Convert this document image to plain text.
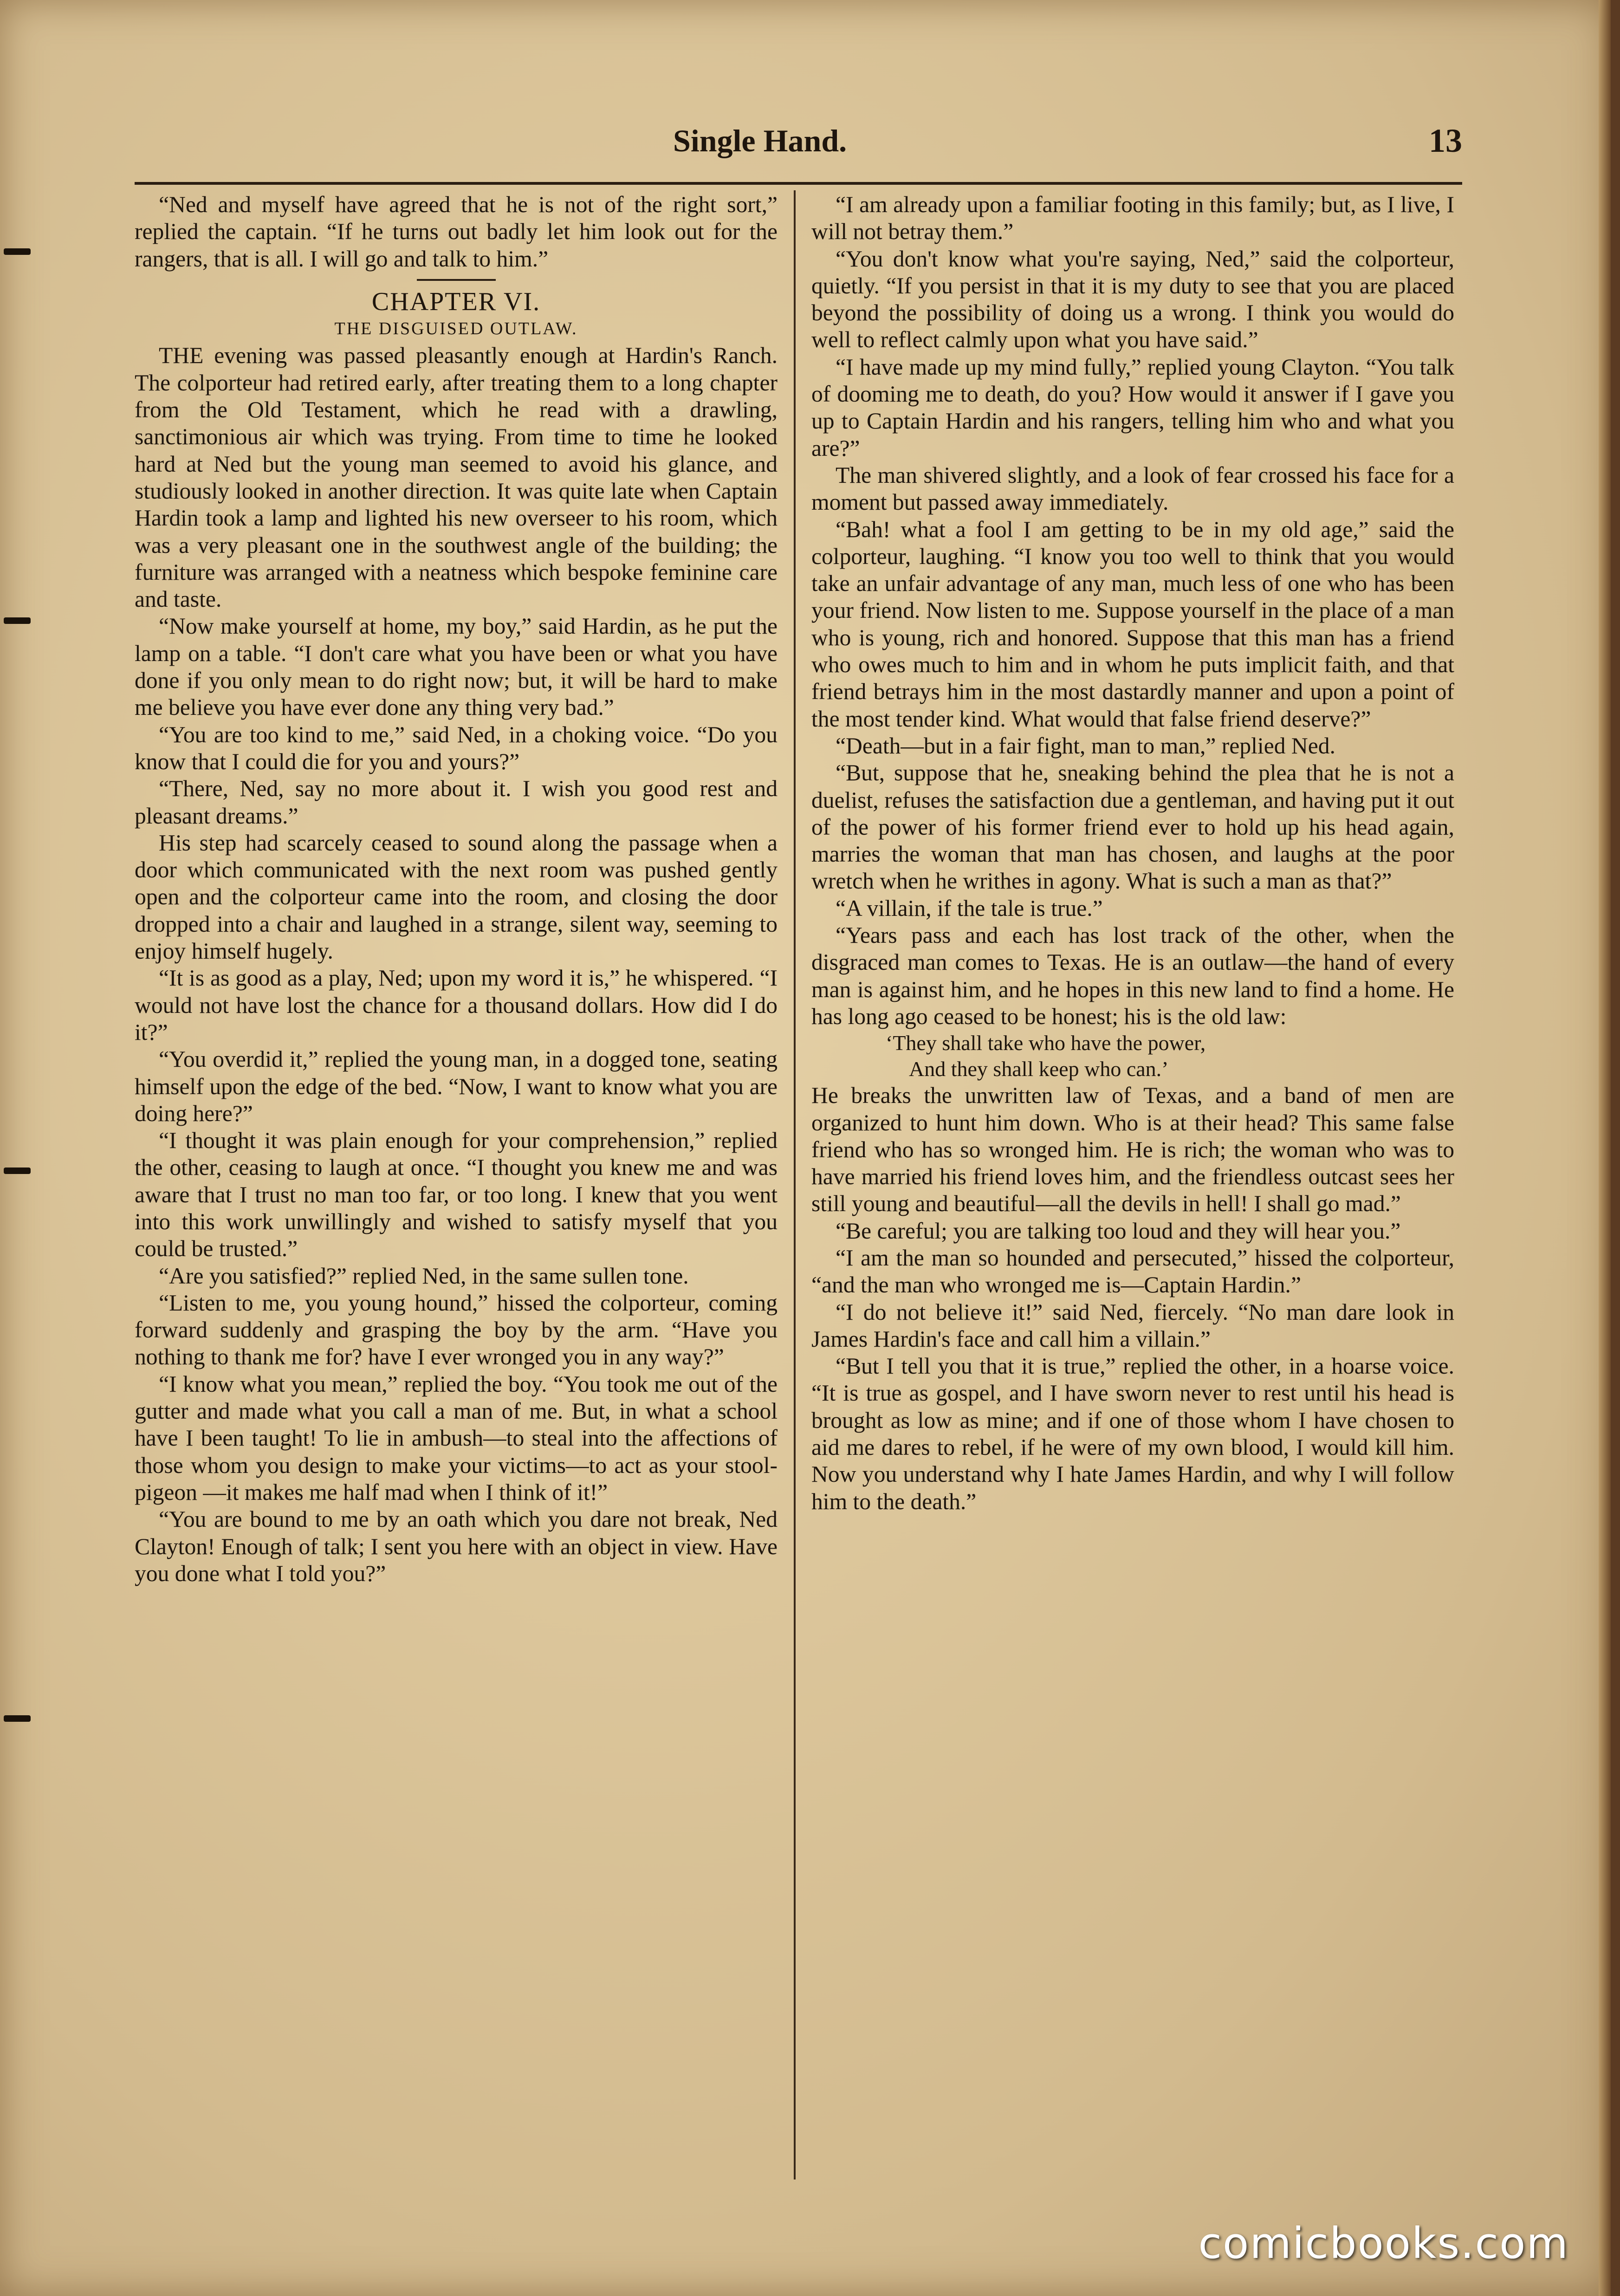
Single Hand.	13

“Ned and myself have agreed that he is not of the right sort,” replied the captain. “If he turns out badly let him look out for the rangers, that is all. I will go and talk to him.”

CHAPTER VI.

THE DISGUISED OUTLAW.

THE evening was passed pleasantly enough at Hardin's Ranch. The colporteur had retired early, after treating them to a long chapter from the Old Testament, which he read with a drawling, sanctimonious air which was trying. From time to time he looked hard at Ned but the young man seemed to avoid his glance, and studiously looked in another direction. It was quite late when Captain Hardin took a lamp and lighted his new overseer to his room, which was a very pleasant one in the southwest angle of the building; the furniture was arranged with a neatness which bespoke feminine care and taste.

“Now make yourself at home, my boy,” said Hardin, as he put the lamp on a table. “I don't care what you have been or what you have done if you only mean to do right now; but, it will be hard to make me believe you have ever done any thing very bad.”

“You are too kind to me,” said Ned, in a choking voice. “Do you know that I could die for you and yours?”

“There, Ned, say no more about it. I wish you good rest and pleasant dreams.”

His step had scarcely ceased to sound along the passage when a door which communicated with the next room was pushed gently open and the colporteur came into the room, and closing the door dropped into a chair and laughed in a strange, silent way, seeming to enjoy himself hugely.

“It is as good as a play, Ned; upon my word it is,” he whispered. “I would not have lost the chance for a thousand dollars. How did I do it?”

“You overdid it,” replied the young man, in a dogged tone, seating himself upon the edge of the bed. “Now, I want to know what you are doing here?”

“I thought it was plain enough for your comprehension,” replied the other, ceasing to laugh at once. “I thought you knew me and was aware that I trust no man too far, or too long. I knew that you went into this work unwillingly and wished to satisfy myself that you could be trusted.”

“Are you satisfied?” replied Ned, in the same sullen tone.

“Listen to me, you young hound,” hissed the colporteur, coming forward suddenly and grasping the boy by the arm. “Have you nothing to thank me for? have I ever wronged you in any way?”

“I know what you mean,” replied the boy. “You took me out of the gutter and made what you call a man of me. But, in what a school have I been taught! To lie in ambush—to steal into the affections of those whom you design to make your victims—to act as your stool-pigeon —it makes me half mad when I think of it!”

“You are bound to me by an oath which you dare not break, Ned Clayton! Enough of talk; I sent you here with an object in view. Have you done what I told you?”

“I am already upon a familiar footing in this family; but, as I live, I will not betray them.”

“You don't know what you're saying, Ned,” said the colporteur, quietly. “If you persist in that it is my duty to see that you are placed beyond the possibility of doing us a wrong. I think you would do well to reflect calmly upon what you have said.”

“I have made up my mind fully,” replied young Clayton. “You talk of dooming me to death, do you? How would it answer if I gave you up to Captain Hardin and his rangers, telling him who and what you are?”

The man shivered slightly, and a look of fear crossed his face for a moment but passed away immediately.

“Bah! what a fool I am getting to be in my old age,” said the colporteur, laughing. “I know you too well to think that you would take an unfair advantage of any man, much less of one who has been your friend. Now listen to me. Suppose yourself in the place of a man who is young, rich and honored. Suppose that this man has a friend who owes much to him and in whom he puts implicit faith, and that friend betrays him in the most dastardly manner and upon a point of the most tender kind. What would that false friend deserve?”

“Death—but in a fair fight, man to man,” replied Ned.

“But, suppose that he, sneaking behind the plea that he is not a duelist, refuses the satisfaction due a gentleman, and having put it out of the power of his former friend ever to hold up his head again, marries the woman that man has chosen, and laughs at the poor wretch when he writhes in agony. What is such a man as that?”

“A villain, if the tale is true.”

“Years pass and each has lost track of the other, when the disgraced man comes to Texas. He is an outlaw—the hand of every man is against him, and he hopes in this new land to find a home. He has long ago ceased to be honest; his is the old law:

‘They shall take who have the power,

And they shall keep who can.’

He breaks the unwritten law of Texas, and a band of men are organized to hunt him down. Who is at their head? This same false friend who has so wronged him. He is rich; the woman who was to have married his friend loves him, and the friendless outcast sees her still young and beautiful—all the devils in hell! I shall go mad.”

“Be careful; you are talking too loud and they will hear you.”

“I am the man so hounded and persecuted,” hissed the colporteur, “and the man who wronged me is—Captain Hardin.”

“I do not believe it!” said Ned, fiercely. “No man dare look in James Hardin's face and call him a villain.”

“But I tell you that it is true,” replied the other, in a hoarse voice. “It is true as gospel, and I have sworn never to rest until his head is brought as low as mine; and if one of those whom I have chosen to aid me dares to rebel, if he were of my own blood, I would kill him. Now you understand why I hate James Hardin, and why I will follow him to the death.”

comicbooks.com
